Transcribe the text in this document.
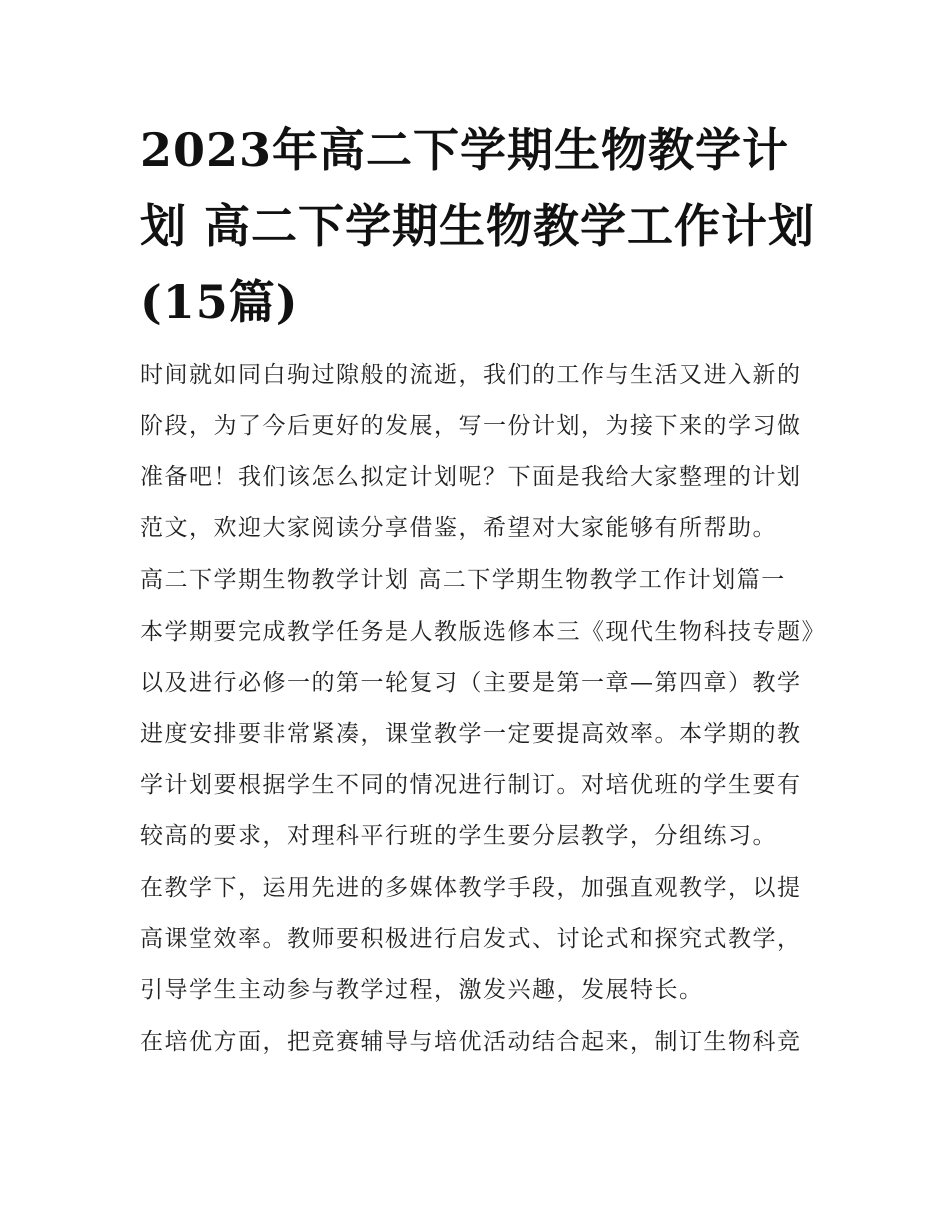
2023年高二下学期生物教学计划 高二下学期生物教学工作计划(15篇)

时间就如同白驹过隙般的流逝，我们的工作与生活又进入新的阶段，为了今后更好的发展，写一份计划，为接下来的学习做准备吧！我们该怎么拟定计划呢？下面是我给大家整理的计划范文，欢迎大家阅读分享借鉴，希望对大家能够有所帮助。

高二下学期生物教学计划 高二下学期生物教学工作计划篇一

本学期要完成教学任务是人教版选修本三《现代生物科技专题》以及进行必修一的第一轮复习（主要是第一章—第四章）教学进度安排要非常紧凑，课堂教学一定要提高效率。本学期的教学计划要根据学生不同的情况进行制订。对培优班的学生要有较高的要求，对理科平行班的学生要分层教学，分组练习。

在教学下，运用先进的多媒体教学手段，加强直观教学，以提高课堂效率。教师要积极进行启发式、讨论式和探究式教学，引导学生主动参与教学过程，激发兴趣，发展特长。

在培优方面，把竞赛辅导与培优活动结合起来，制订生物科竞
